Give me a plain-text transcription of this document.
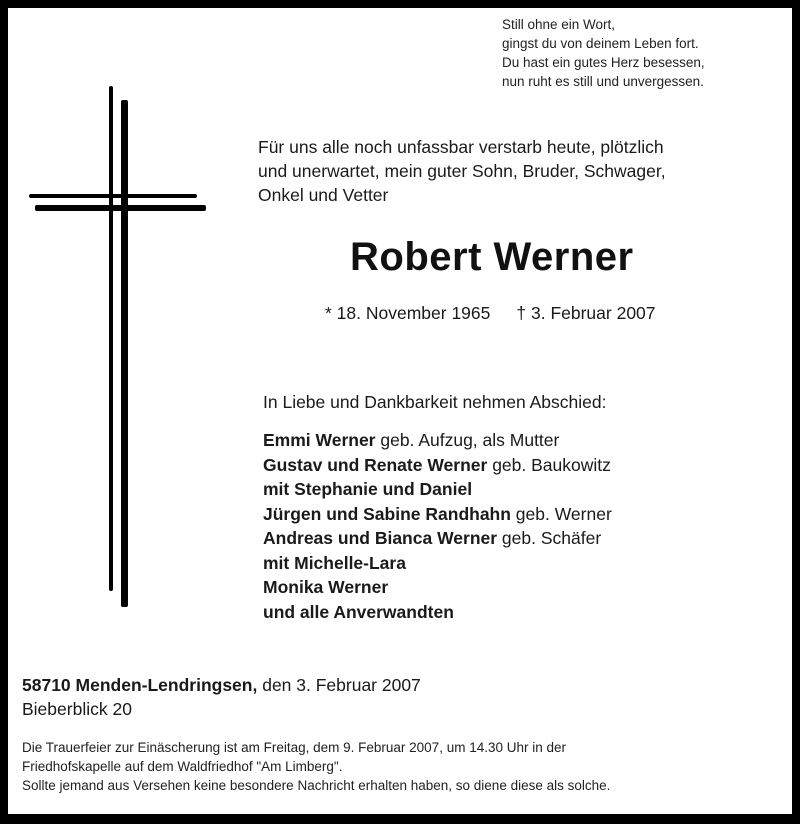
Still ohne ein Wort,
gingst du von deinem Leben fort.
Du hast ein gutes Herz besessen,
nun ruht es still und unvergessen.
Für uns alle noch unfassbar verstarb heute, plötzlich
und unerwartet, mein guter Sohn, Bruder, Schwager,
Onkel und Vetter
Robert Werner
* 18. November 1965 † 3. Februar 2007
In Liebe und Dankbarkeit nehmen Abschied:
Emmi Werner geb. Aufzug, als Mutter
Gustav und Renate Werner geb. Baukowitz
mit Stephanie und Daniel
Jürgen und Sabine Randhahn geb. Werner
Andreas und Bianca Werner geb. Schäfer
mit Michelle-Lara
Monika Werner
und alle Anverwandten
58710 Menden-Lendringsen, den 3. Februar 2007
Bieberblick 20
Die Trauerfeier zur Einäscherung ist am Freitag, dem 9. Februar 2007, um 14.30 Uhr in der
Friedhofskapelle auf dem Waldfriedhof "Am Limberg".
Sollte jemand aus Versehen keine besondere Nachricht erhalten haben, so diene diese als solche.
